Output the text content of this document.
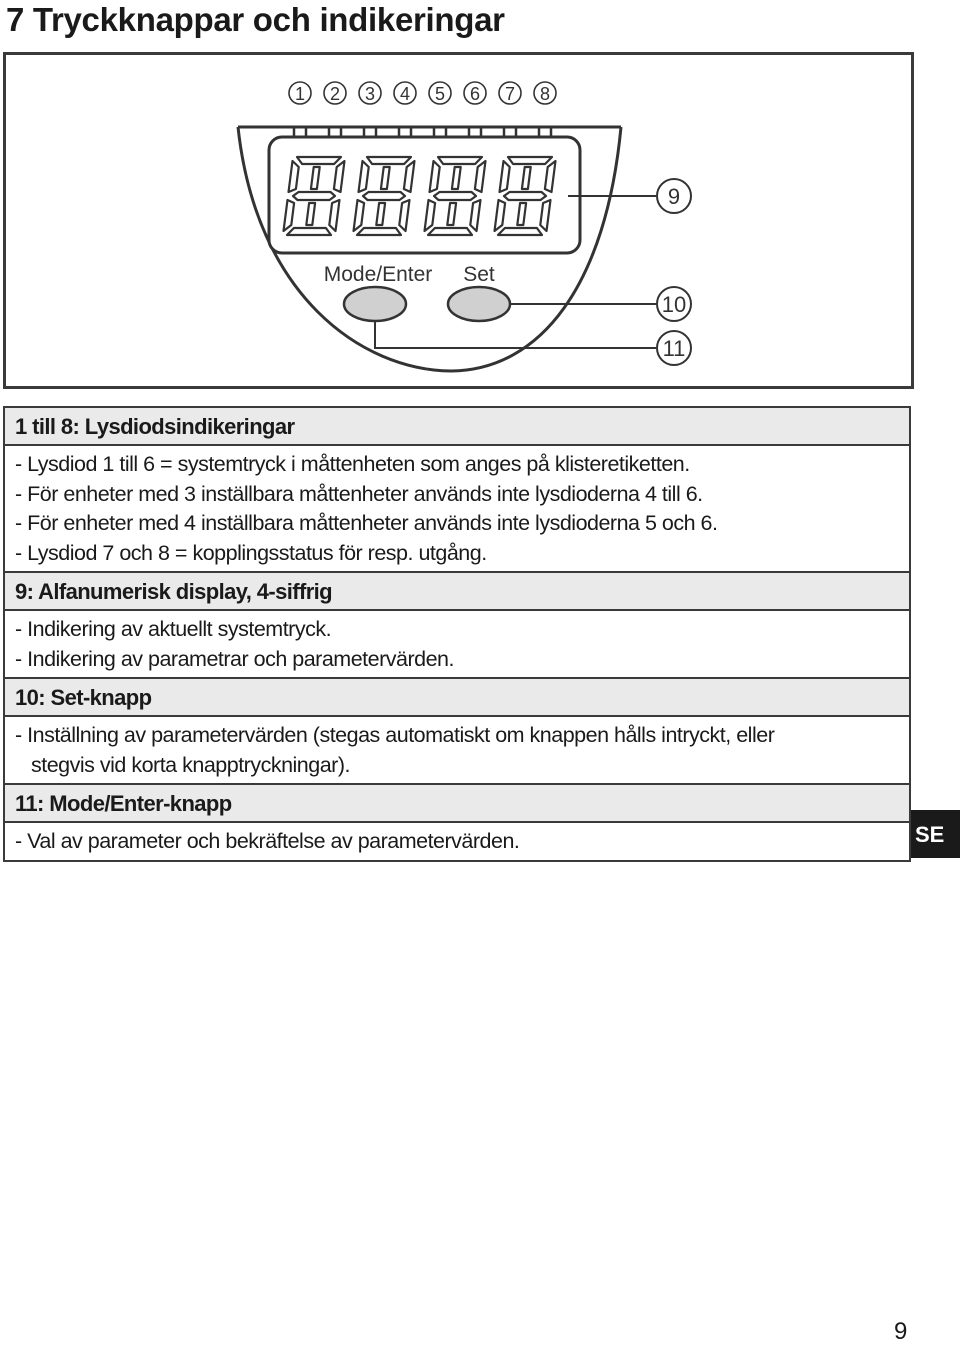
7 Tryckknappar och indikeringar
1 2 3 4 5 6 7 8
Mode/Enter Set
9
10
11
1 till 8: Lysdiodsindikeringar
- Lysdiod 1 till 6 = systemtryck i måttenheten som anges på klisteretiketten.
- För enheter med 3 inställbara måttenheter används inte lysdioderna 4 till 6.
- För enheter med 4 inställbara måttenheter används inte lysdioderna 5 och 6.
- Lysdiod 7 och 8 = kopplingsstatus för resp. utgång.
9: Alfanumerisk display, 4-siffrig
- Indikering av aktuellt systemtryck.
- Indikering av parametrar och parametervärden.
10: Set-knapp
- Inställning av parametervärden (stegas automatiskt om knappen hålls intryckt, eller
stegvis vid korta knapptryckningar).
11: Mode/Enter-knapp
- Val av parameter och bekräftelse av parametervärden.	SE
9
